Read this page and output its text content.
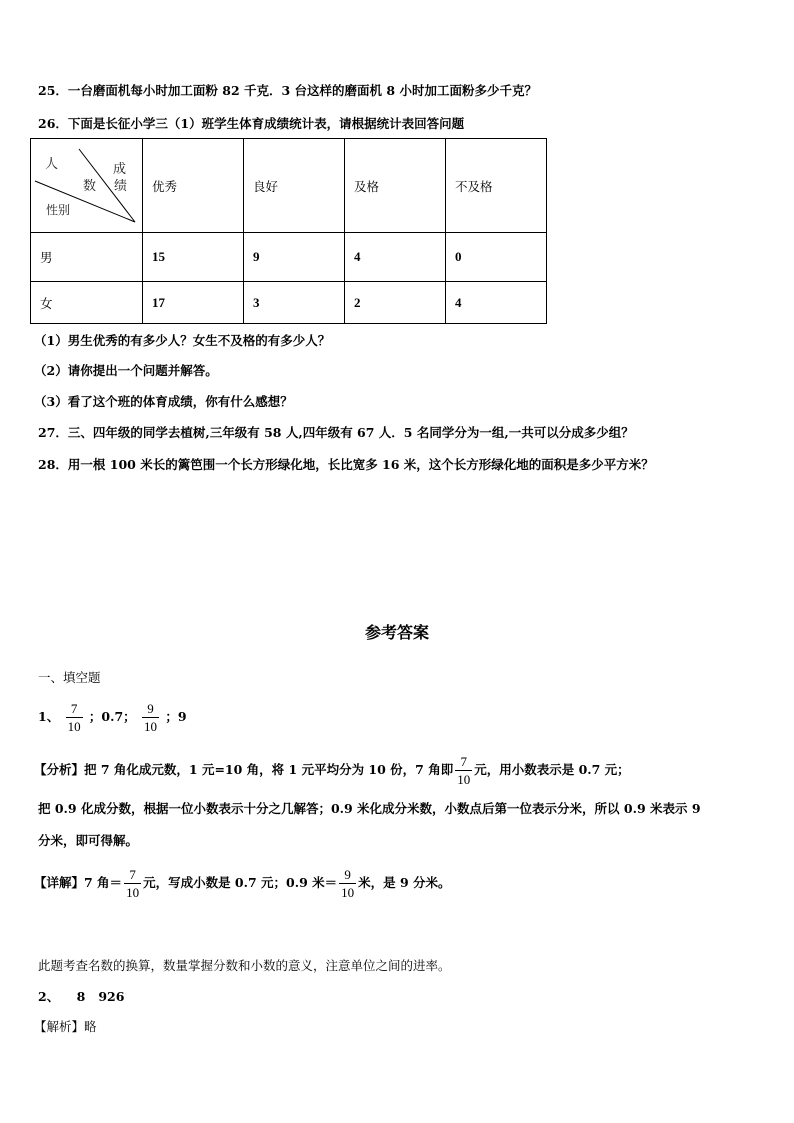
25．一台磨面机每小时加工面粉 82 千克．3 台这样的磨面机 8 小时加工面粉多少千克？
26．下面是长征小学三（1）班学生体育成绩统计表，请根据统计表回答问题
人
数
成
绩
性别	优秀	良好	及格	不及格
男	15	9	4	0
女	17	3	2	4
（1）男生优秀的有多少人？女生不及格的有多少人？
（2）请你提出一个问题并解答。
（3）看了这个班的体育成绩，你有什么感想？
27．三、四年级的同学去植树,三年级有 58 人,四年级有 67 人．5 名同学分为一组,一共可以分成多少组？
28．用一根 100 米长的篱笆围一个长方形绿化地，长比宽多 16 米，这个长方形绿化地的面积是多少平方米？
参考答案
一、填空题
1、 $\frac{7}{10}$ ；0.7； $\frac{9}{10}$ ；9
【分析】把 7 角化成元数，1 元=10 角，将 1 元平均分为 10 份，7 角即 $\frac{7}{10}$ 元，用小数表示是 0.7 元；
把 0.9 化成分数，根据一位小数表示十分之几解答；0.9 米化成分米数，小数点后第一位表示分米，所以 0.9 米表示 9
分米，即可得解。
【详解】7 角＝ $\frac{7}{10}$ 元，写成小数是 0.7 元；0.9 米＝ $\frac{9}{10}$ 米，是 9 分米。
此题考查名数的换算，数量掌握分数和小数的意义，注意单位之间的进率。
2、    8   926
【解析】略
